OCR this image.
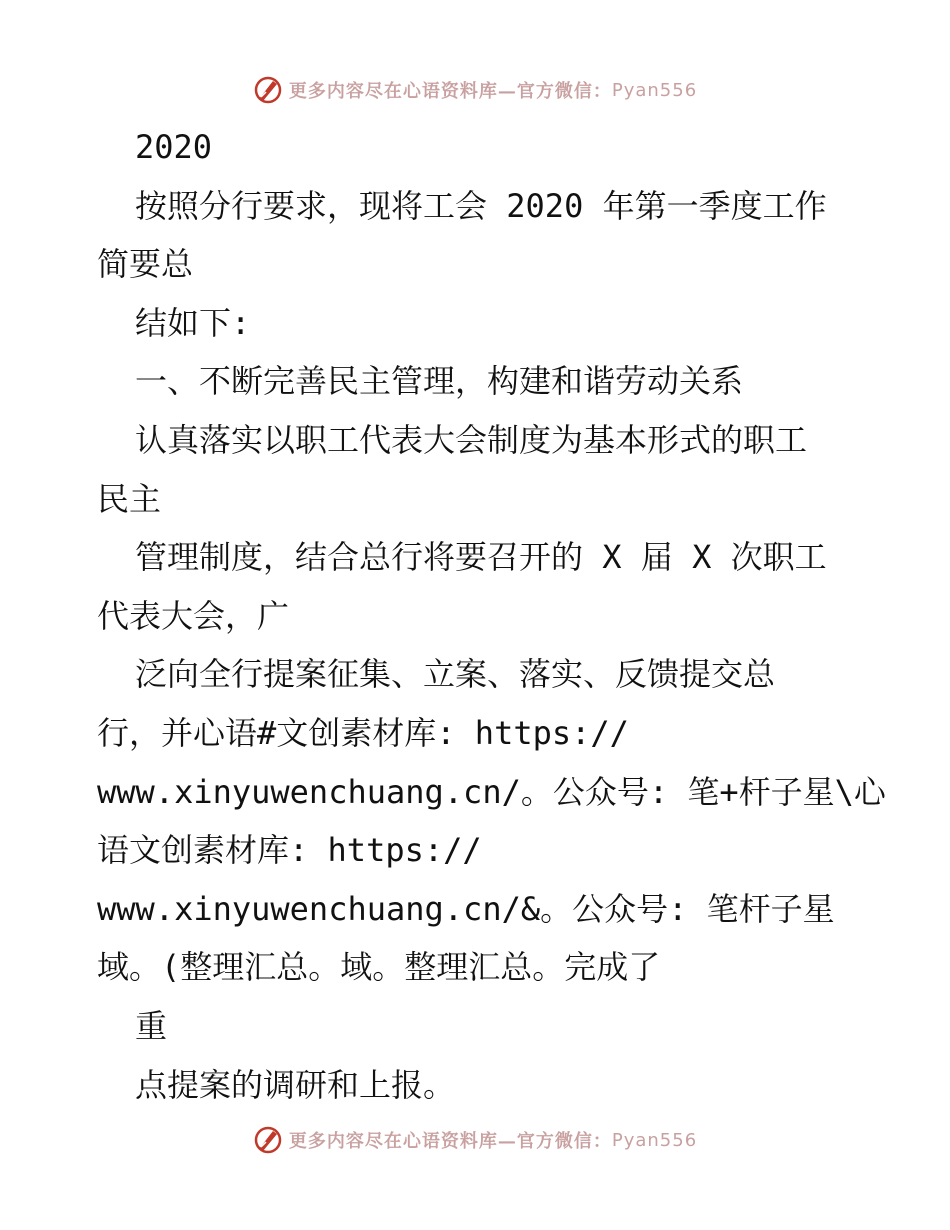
更多内容尽在心语资料库—官方微信： Pyan556
2020
按照分行要求，现将工会 2020 年第一季度工作
简要总
结如下:
一、不断完善民主管理，构建和谐劳动关系
认真落实以职工代表大会制度为基本形式的职工
民主
管理制度，结合总行将要召开的 X 届 X 次职工
代表大会，广
泛向全行提案征集、立案、落实、反馈提交总
行，并心语#文创素材库: https://
www.xinyuwenchuang.cn/。公众号: 笔+杆子星\心
语文创素材库: https://
www.xinyuwenchuang.cn/&。公众号: 笔杆子星
域。(整理汇总。域。整理汇总。完成了
重
点提案的调研和上报。
更多内容尽在心语资料库—官方微信： Pyan556
